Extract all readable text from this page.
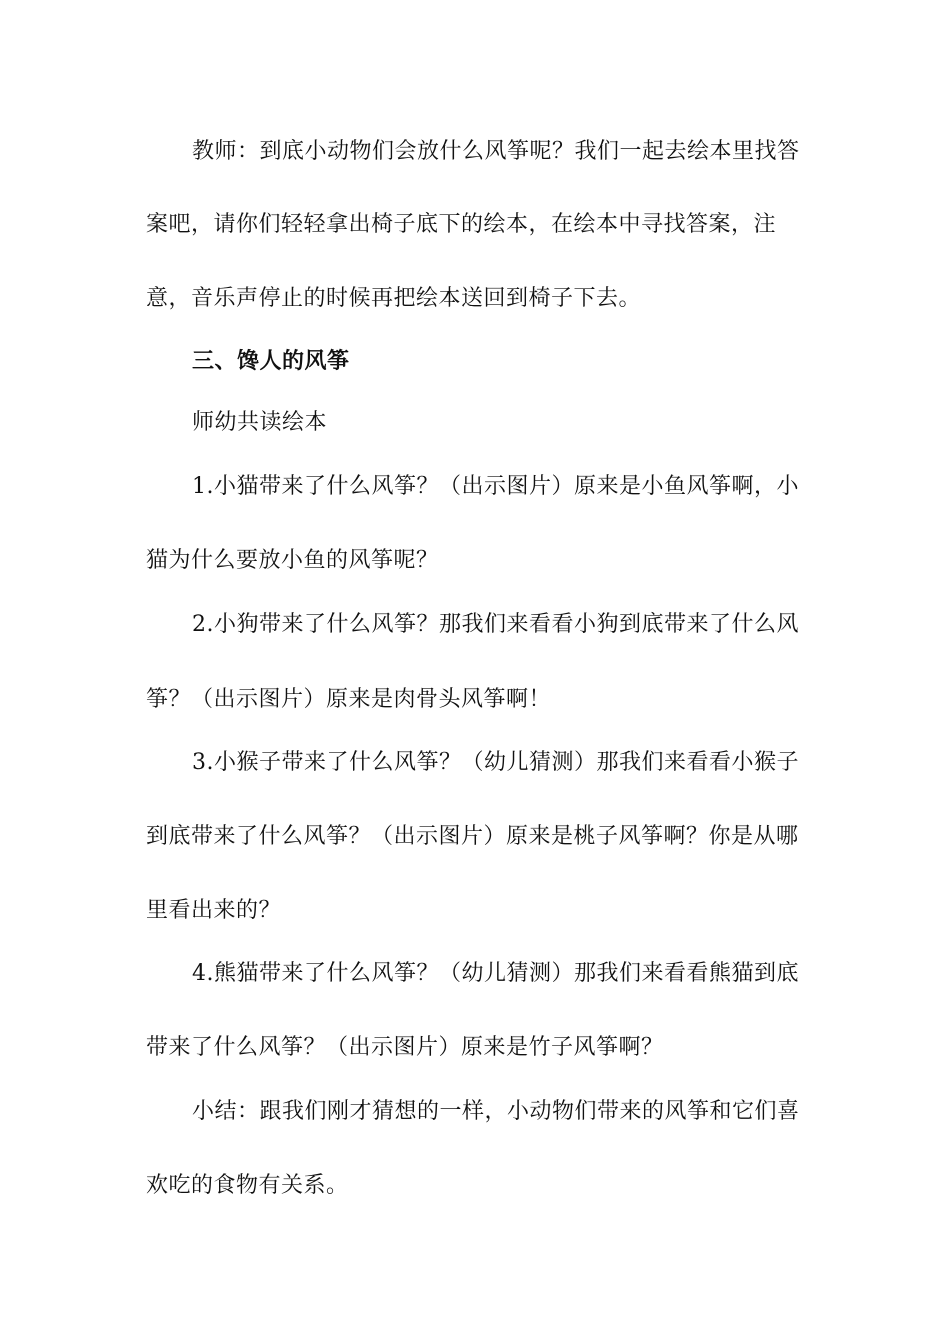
教师：到底小动物们会放什么风筝呢？我们一起去绘本里找答
案吧，请你们轻轻拿出椅子底下的绘本，在绘本中寻找答案，注
意，音乐声停止的时候再把绘本送回到椅子下去。
三、馋人的风筝
师幼共读绘本
1.小猫带来了什么风筝？（出示图片）原来是小鱼风筝啊，小
猫为什么要放小鱼的风筝呢？
2.小狗带来了什么风筝？那我们来看看小狗到底带来了什么风
筝？（出示图片）原来是肉骨头风筝啊！
3.小猴子带来了什么风筝？（幼儿猜测）那我们来看看小猴子
到底带来了什么风筝？（出示图片）原来是桃子风筝啊？你是从哪
里看出来的？
4.熊猫带来了什么风筝？（幼儿猜测）那我们来看看熊猫到底
带来了什么风筝？（出示图片）原来是竹子风筝啊？
小结：跟我们刚才猜想的一样，小动物们带来的风筝和它们喜
欢吃的食物有关系。
